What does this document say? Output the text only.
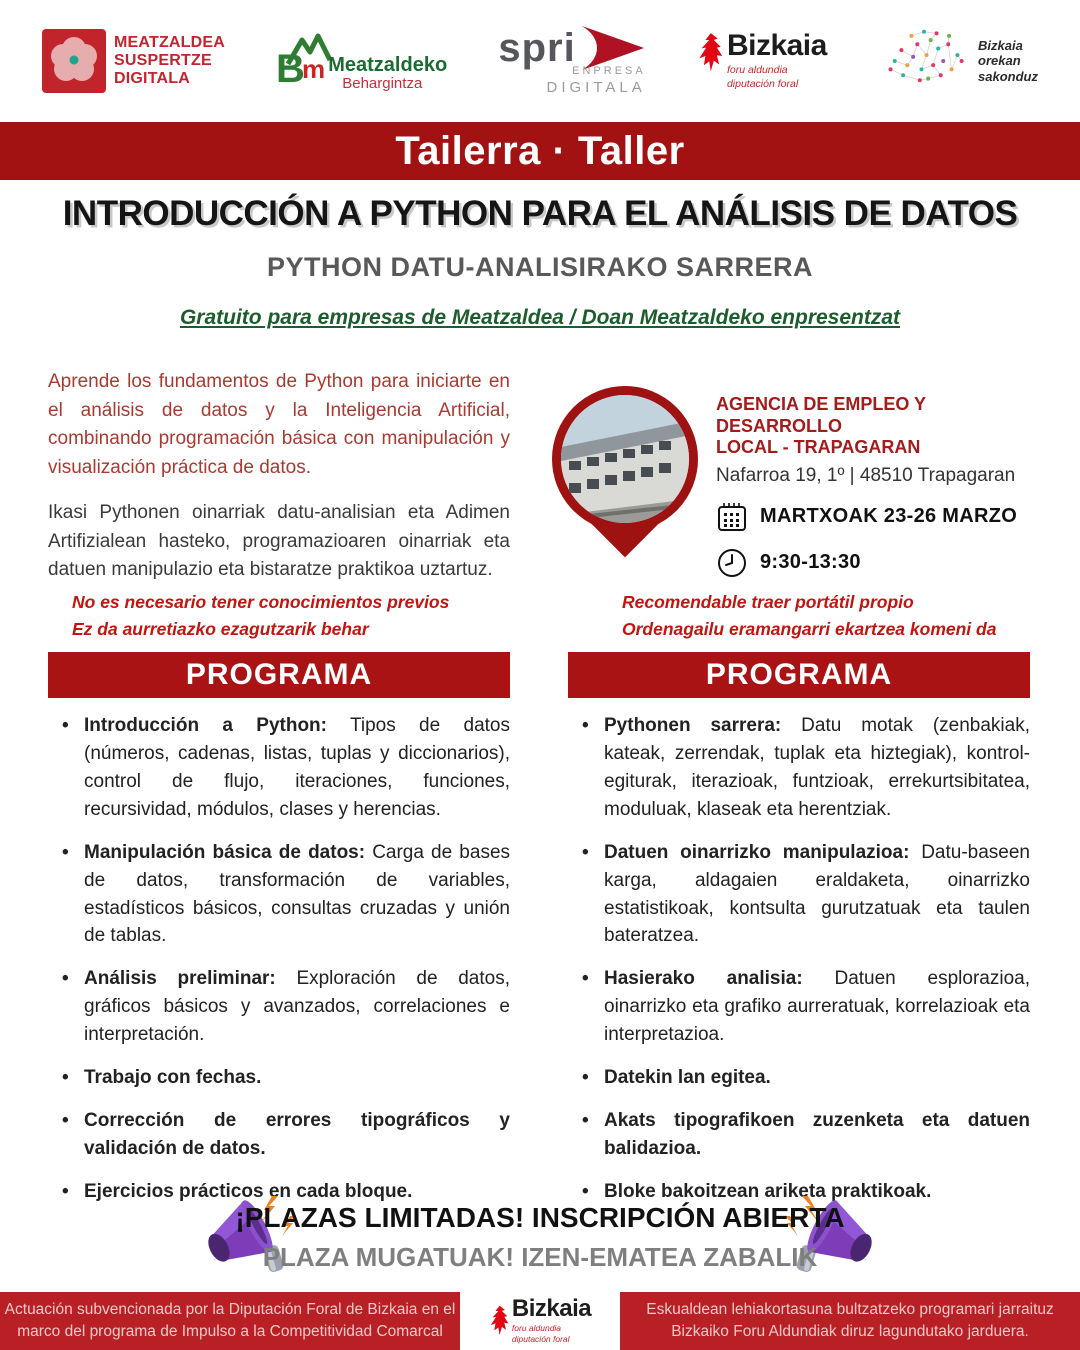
MEATZALDEA
SUSPERTZE
DIGITALA	B
m Meatzaldeko
Behargintza
spri
ENPRESA
DIGITALA
Bizkaia
foru aldundia
diputación foral
Bizkaia
orekan
sakonduz
Tailerra · Taller
INTRODUCCIÓN A PYTHON PARA EL ANÁLISIS DE DATOS
PYTHON DATU-ANALISIRAKO SARRERA
Gratuito para empresas de Meatzaldea / Doan Meatzaldeko enpresentzat

Aprende los fundamentos de Python para iniciarte en el análisis de datos y la Inteligencia Artificial, combinando programación básica con manipulación y visualización práctica de datos.

Ikasi Pythonen oinarriak datu-analisian eta Adimen Artifizialean hasteko, programazioaren oinarriak eta datuen manipulazio eta bistaratze praktikoa uztartuz.

AGENCIA DE EMPLEO Y DESARROLLO
LOCAL - TRAPAGARAN
Nafarroa 19, 1º | 48510 Trapagaran
MARTXOAK 23-26 MARZO
9:30-13:30
No es necesario tener conocimientos previos
Ez da aurretiazko ezagutzarik behar
Recomendable traer portátil propio
Ordenagailu eramangarri ekartzea komeni da
PROGRAMA	PROGRAMA
• Introducción a Python: Tipos de datos (números, cadenas, listas, tuplas y diccionarios), control de flujo, iteraciones, funciones, recursividad, módulos, clases y herencias.
• Manipulación básica de datos: Carga de bases de datos, transformación de variables, estadísticos básicos, consultas cruzadas y unión de tablas.
• Análisis preliminar: Exploración de datos, gráficos básicos y avanzados, correlaciones e interpretación.
• Trabajo con fechas.
• Corrección de errores tipográficos y validación de datos.
• Ejercicios prácticos en cada bloque.
• Pythonen sarrera: Datu motak (zenbakiak, kateak, zerrendak, tuplak eta hiztegiak), kontrol-egiturak, iterazioak, funtzioak, errekurtsibitatea, moduluak, klaseak eta herentziak.
• Datuen oinarrizko manipulazioa: Datu-baseen karga, aldagaien eraldaketa, oinarrizko estatistikoak, kontsulta gurutzatuak eta taulen bateratzea.
• Hasierako analisia: Datuen esplorazioa, oinarrizko eta grafiko aurreratuak, korrelazioak eta interpretazioa.
• Datekin lan egitea.
• Akats tipografikoen zuzenketa eta datuen balidazioa.
• Bloke bakoitzean ariketa praktikoak.
¡PLAZAS LIMITADAS! INSCRIPCIÓN ABIERTA
PLAZA MUGATUAK! IZEN-EMATEA ZABALIK
Actuación subvencionada por la Diputación Foral de Bizkaia en el
marco del programa de Impulso a la Competitividad Comarcal
Bizkaia
foru aldundia
diputación foral
Eskualdean lehiakortasuna bultzatzeko programari jarraituz
Bizkaiko Foru Aldundiak diruz lagundutako jarduera.
